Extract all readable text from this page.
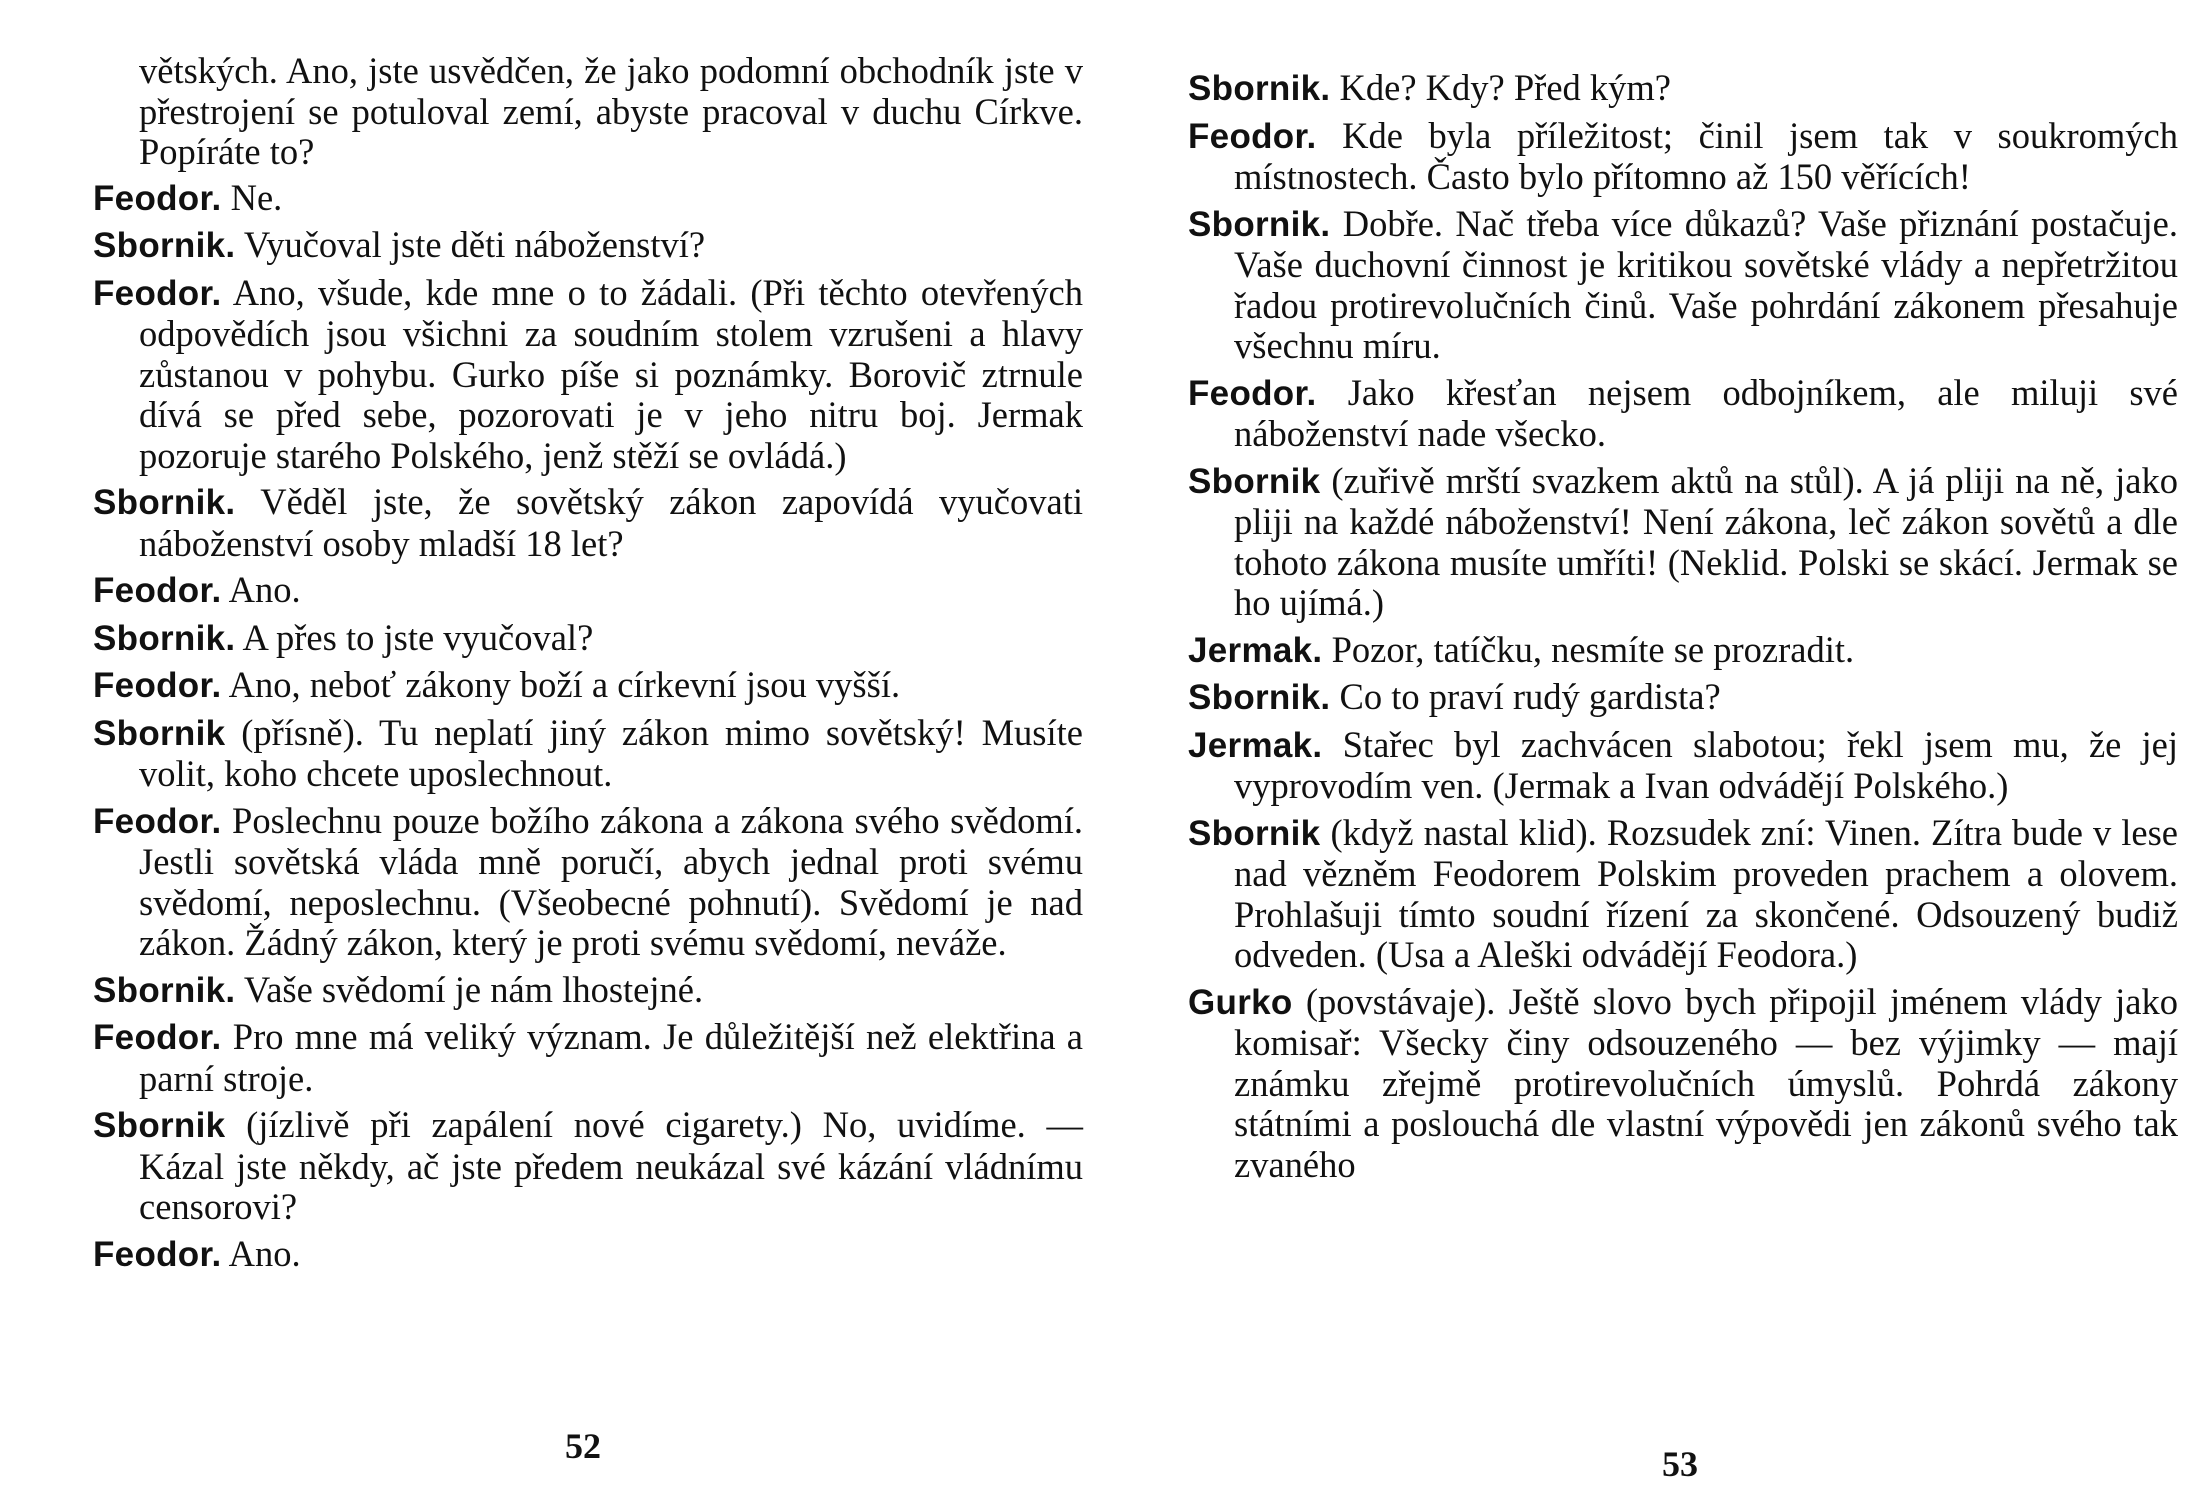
větských. Ano, jste usvědčen, že jako podomní obchodník jste v přestrojení se potuloval zemí, abyste pracoval v duchu Církve. Popíráte to?

Feodor. Ne.

Sbornik. Vyučoval jste děti náboženství?

Feodor. Ano, všude, kde mne o to žádali. (Při těchto otevřených odpovědích jsou všichni za soudním stolem vzrušeni a hlavy zůstanou v pohybu. Gurko píše si poznámky. Borovič ztrnule dívá se před sebe, pozorovati je v jeho nitru boj. Jermak pozoruje starého Polského, jenž stěží se ovládá.)

Sbornik. Věděl jste, že sovětský zákon zapovídá vyučovati náboženství osoby mladší 18 let?

Feodor. Ano.

Sbornik. A přes to jste vyučoval?

Feodor. Ano, neboť zákony boží a církevní jsou vyšší.

Sbornik (přísně). Tu neplatí jiný zákon mimo sovětský! Musíte volit, koho chcete uposlechnout.

Feodor. Poslechnu pouze božího zákona a zákona svého svědomí. Jestli sovětská vláda mně poručí, abych jednal proti svému svědomí, neposlechnu. (Všeobecné pohnutí). Svědomí je nad zákon. Žádný zákon, který je proti svému svědomí, neváže.

Sbornik. Vaše svědomí je nám lhostejné.

Feodor. Pro mne má veliký význam. Je důležitější než elektřina a parní stroje.

Sbornik (jízlivě při zapálení nové cigarety.) No, uvidíme. — Kázal jste někdy, ač jste předem neukázal své kázání vládnímu censorovi?

Feodor. Ano.

52

Sbornik. Kde? Kdy? Před kým?

Feodor. Kde byla příležitost; činil jsem tak v soukromých místnostech. Často bylo přítomno až 150 věřících!

Sbornik. Dobře. Nač třeba více důkazů? Vaše přiznání postačuje. Vaše duchovní činnost je kritikou sovětské vlády a nepřetržitou řadou protirevolučních činů. Vaše pohrdání zákonem přesahuje všechnu míru.

Feodor. Jako křesťan nejsem odbojníkem, ale miluji své náboženství nade všecko.

Sbornik (zuřivě mrští svazkem aktů na stůl). A já pliji na ně, jako pliji na každé náboženství! Není zákona, leč zákon sovětů a dle tohoto zákona musíte umříti! (Neklid. Polski se skácí. Jermak se ho ujímá.)

Jermak. Pozor, tatíčku, nesmíte se prozradit.

Sbornik. Co to praví rudý gardista?

Jermak. Stařec byl zachvácen slabotou; řekl jsem mu, že jej vyprovodím ven. (Jermak a Ivan odvádějí Polského.)

Sbornik (když nastal klid). Rozsudek zní: Vinen. Zítra bude v lese nad vězněm Feodorem Polskim proveden prachem a olovem. Prohlašuji tímto soudní řízení za skončené. Odsouzený budiž odveden. (Usa a Aleški odvádějí Feodora.)

Gurko (povstávaje). Ještě slovo bych připojil jménem vlády jako komisař: Všecky činy odsouzeného — bez výjimky — mají známku zřejmě protirevolučních úmyslů. Pohrdá zákony státními a poslouchá dle vlastní výpovědi jen zákonů svého tak zvaného

53
